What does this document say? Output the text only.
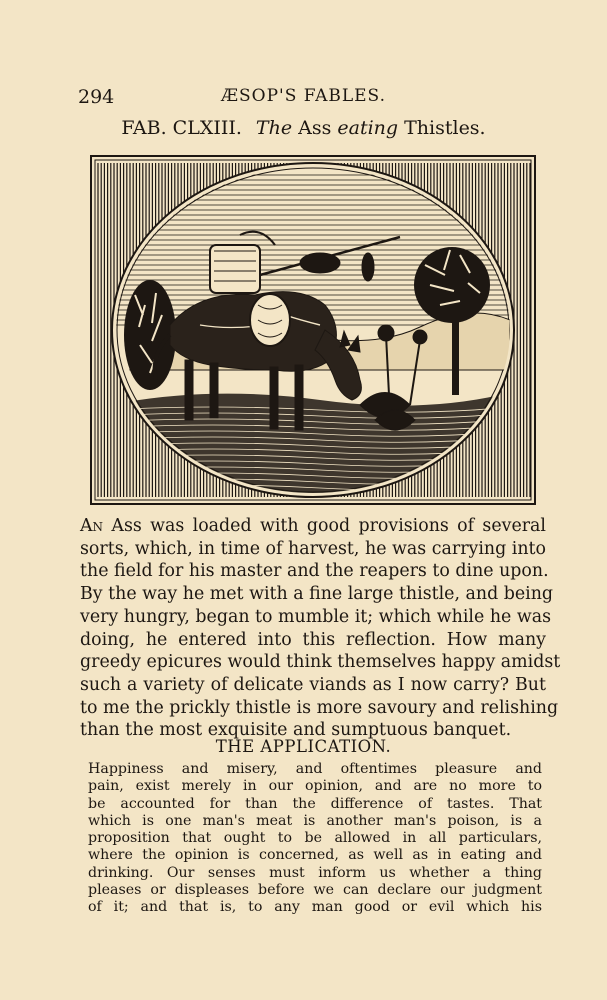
294	ÆSOP'S FABLES.
FAB. CLXIII. The Ass eating Thistles.

An Ass was loaded with good provisions of several
sorts, which, in time of harvest, he was carrying into
the field for his master and the reapers to dine upon.
By the way he met with a fine large thistle, and being
very hungry, began to mumble it; which while he was
doing, he entered into this reflection. How many
greedy epicures would think themselves happy amidst
such a variety of delicate viands as I now carry? But
to me the prickly thistle is more savoury and relishing
than the most exquisite and sumptuous banquet.

THE APPLICATION.

Happiness and misery, and oftentimes pleasure and
pain, exist merely in our opinion, and are no more to
be accounted for than the difference of tastes. That
which is one man's meat is another man's poison, is a
proposition that ought to be allowed in all particulars,
where the opinion is concerned, as well as in eating and
drinking. Our senses must inform us whether a thing
pleases or displeases before we can declare our judgment
of it; and that is, to any man good or evil which his
